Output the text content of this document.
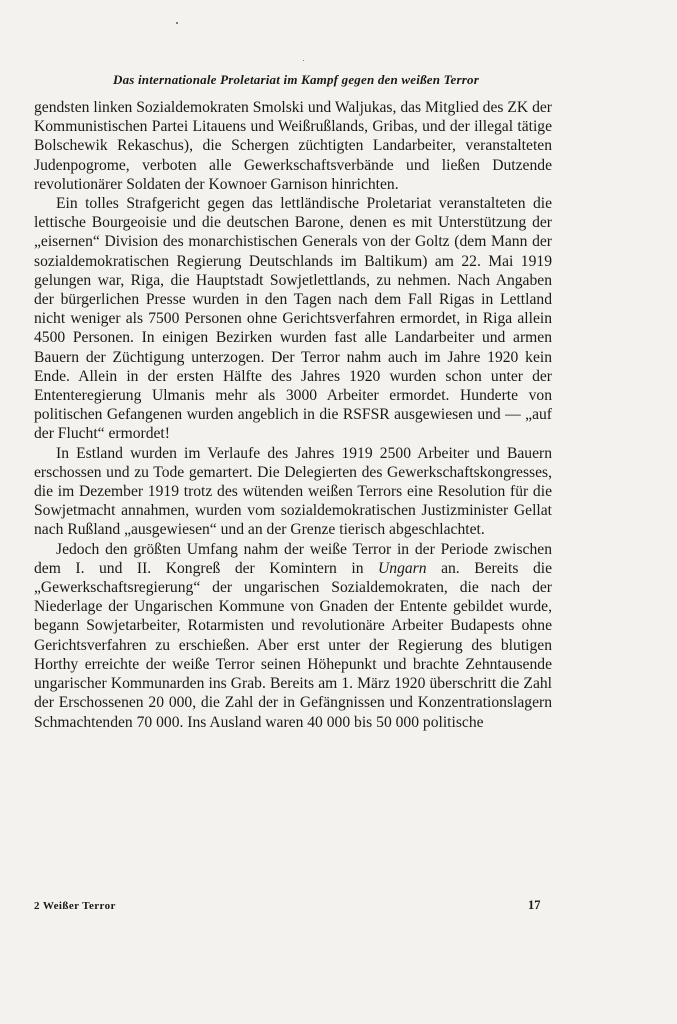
Das internationale Proletariat im Kampf gegen den weißen Terror

gendsten linken Sozialdemokraten Smolski und Waljukas, das Mitglied des ZK der Kommunistischen Partei Litauens und Weißrußlands, Gribas, und der illegal tätige Bolschewik Rekaschus), die Schergen züchtigten Landarbeiter, veranstalteten Judenpogrome, verboten alle Gewerkschaftsverbände und ließen Dutzende revolutionärer Soldaten der Kownoer Garnison hinrichten.

Ein tolles Strafgericht gegen das lettländische Proletariat veranstalteten die lettische Bourgeoisie und die deutschen Barone, denen es mit Unterstützung der „eisernen“ Division des monarchistischen Generals von der Goltz (dem Mann der sozialdemokratischen Regierung Deutschlands im Baltikum) am 22. Mai 1919 gelungen war, Riga, die Hauptstadt Sowjetlettlands, zu nehmen. Nach Angaben der bürgerlichen Presse wurden in den Tagen nach dem Fall Rigas in Lettland nicht weniger als 7500 Personen ohne Gerichtsverfahren ermordet, in Riga allein 4500 Personen. In einigen Bezirken wurden fast alle Landarbeiter und armen Bauern der Züchtigung unterzogen. Der Terror nahm auch im Jahre 1920 kein Ende. Allein in der ersten Hälfte des Jahres 1920 wurden schon unter der Ententeregierung Ulmanis mehr als 3000 Arbeiter ermordet. Hunderte von politischen Gefangenen wurden angeblich in die RSFSR ausgewiesen und — „auf der Flucht“ ermordet!

In Estland wurden im Verlaufe des Jahres 1919 2500 Arbeiter und Bauern erschossen und zu Tode gemartert. Die Delegierten des Gewerkschaftskongresses, die im Dezember 1919 trotz des wütenden weißen Terrors eine Resolution für die Sowjetmacht annahmen, wurden vom sozialdemokratischen Justizminister Gellat nach Rußland „ausgewiesen“ und an der Grenze tierisch abgeschlachtet.

Jedoch den größten Umfang nahm der weiße Terror in der Periode zwischen dem I. und II. Kongreß der Komintern in Ungarn an. Bereits die „Gewerkschaftsregierung“ der ungarischen Sozialdemokraten, die nach der Niederlage der Ungarischen Kommune von Gnaden der Entente gebildet wurde, begann Sowjetarbeiter, Rotarmisten und revolutionäre Arbeiter Budapests ohne Gerichtsverfahren zu erschießen. Aber erst unter der Regierung des blutigen Horthy erreichte der weiße Terror seinen Höhepunkt und brachte Zehntausende ungarischer Kommunarden ins Grab. Bereits am 1. März 1920 überschritt die Zahl der Erschossenen 20 000, die Zahl der in Gefängnissen und Konzentrationslagern Schmachtenden 70 000. Ins Ausland waren 40 000 bis 50 000 politische

2 Weißer Terror	17
